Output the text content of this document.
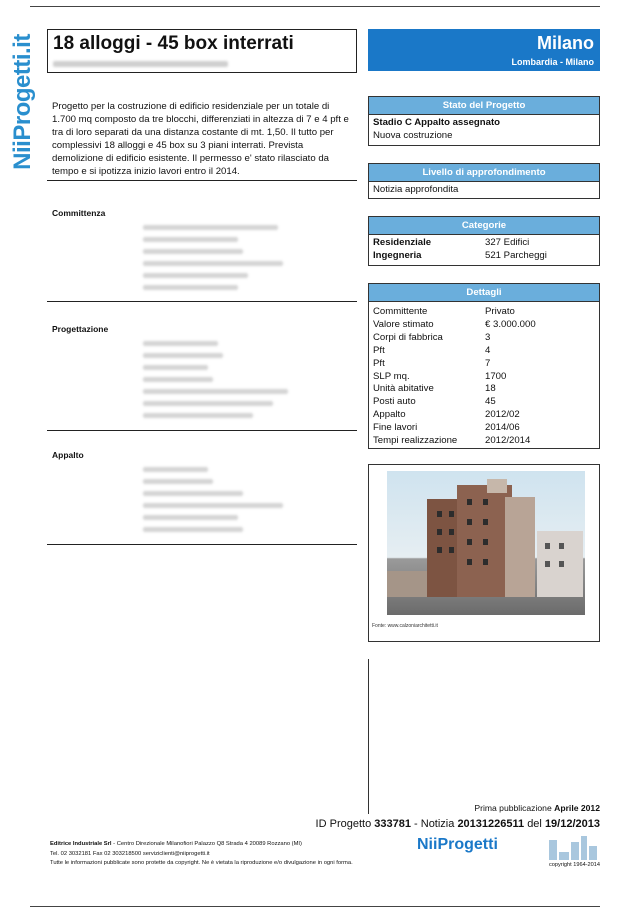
NiiProgetti.it 18 alloggi - 45 box interrati	Milano
Lombardia - Milano
Progetto per la costruzione di edificio residenziale per un totale di 1.700 mq composto da tre blocchi, differenziati in altezza di 7 e 4 pft e tra di loro separati da una distanza costante di mt. 1,50. Il tutto per complessivi 18 alloggi e 45 box su 3 piani interrati. Prevista demolizione di edificio esistente. Il permesso e' stato rilasciato da tempo e si ipotizza inizio lavori entro il 2014.
Committenza
Progettazione
Appalto
Stato del Progetto
Stadio C Appalto assegnato
Nuova costruzione
Livello di approfondimento
Notizia approfondita
Categorie
Residenziale	327 Edifici
Ingegneria	521 Parcheggi
Dettagli
Committente	Privato
Valore stimato	€ 3.000.000
Corpi di fabbrica	3
Pft	4
Pft	7
SLP mq.	1700
Unità abitative	18
Posti auto	45
Appalto	2012/02
Fine lavori	2014/06
Tempi realizzazione	2012/2014
Fonte: www.calzoniarchitetti.it
Prima pubblicazione Aprile 2012
ID Progetto 333781 - Notizia 20131226511 del 19/12/2013
Editrice Industriale Srl - Centro Direzionale Milanofiori Palazzo Q8 Strada 4 20089 Rozzano (MI)
Tel. 02 3032181 Fax 02 303218500 serviziclienti@niiprogetti.it
Tutte le informazioni pubblicate sono protette da copyright. Ne è vietata la riproduzione e/o divulgazione in ogni forma.
NiiProgetti
copyright 1964-2014
